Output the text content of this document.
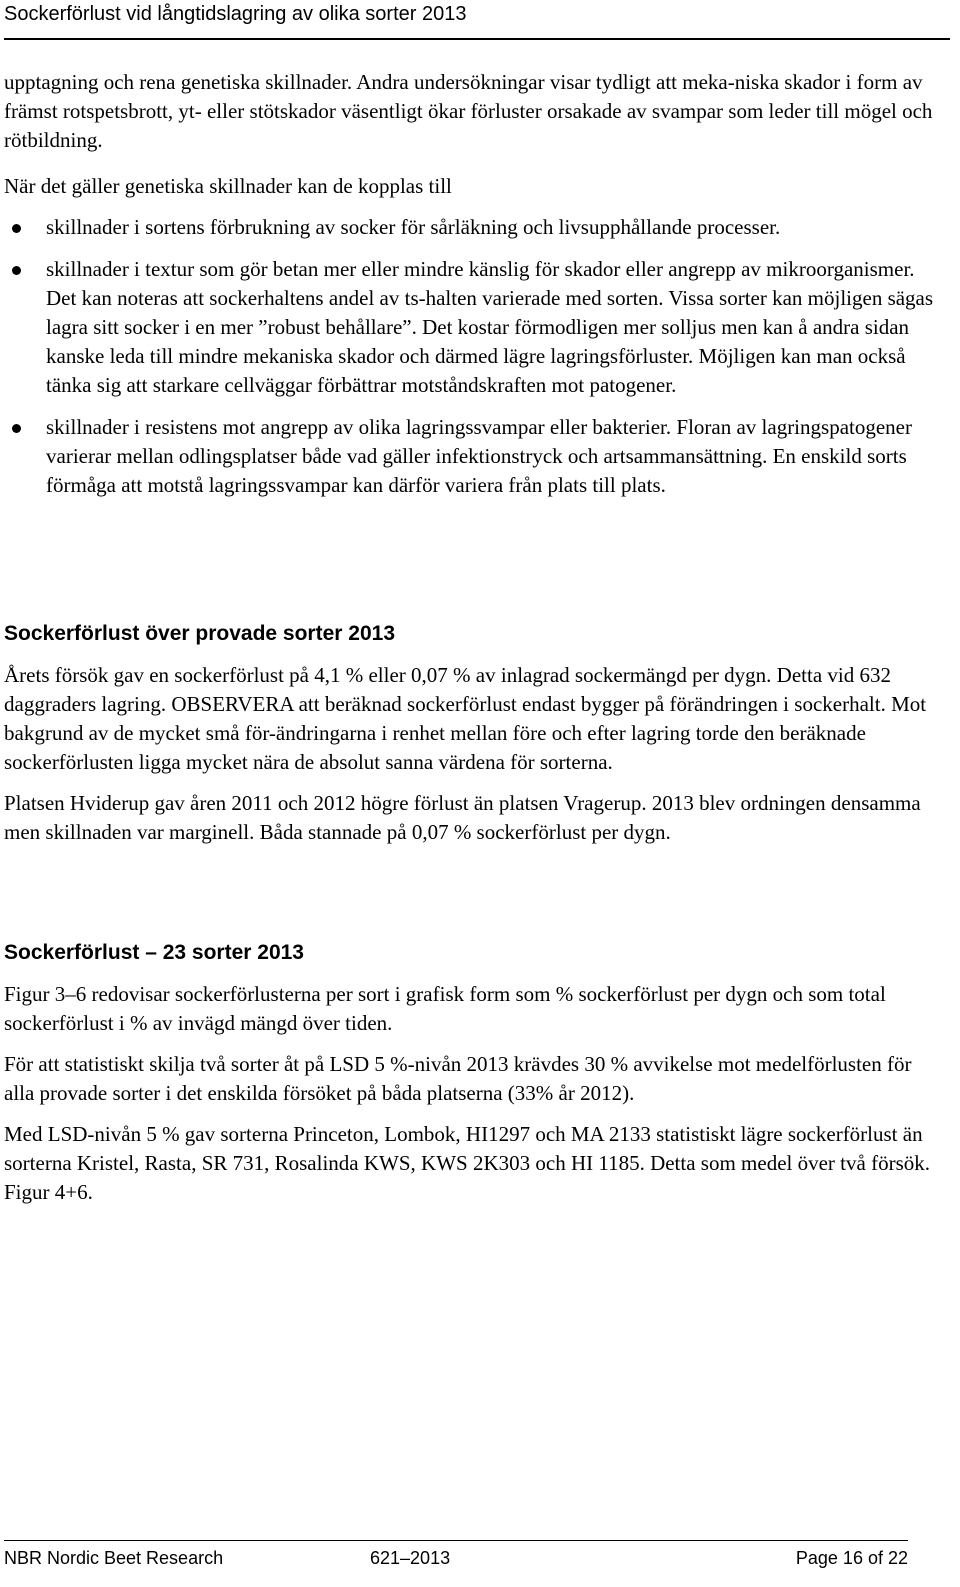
Sockerförlust vid långtidslagring av olika sorter 2013

upptagning och rena genetiska skillnader. Andra undersökningar visar tydligt att meka-niska skador i form av främst rotspetsbrott, yt- eller stötskador väsentligt ökar förluster orsakade av svampar som leder till mögel och rötbildning.

När det gäller genetiska skillnader kan de kopplas till

skillnader i sortens förbrukning av socker för sårläkning och livsupphållande processer.
skillnader i textur som gör betan mer eller mindre känslig för skador eller angrepp av mikroorganismer. Det kan noteras att sockerhaltens andel av ts-halten varierade med sorten. Vissa sorter kan möjligen sägas lagra sitt socker i en mer ”robust behållare”. Det kostar förmodligen mer solljus men kan å andra sidan kanske leda till mindre mekaniska skador och därmed lägre lagringsförluster. Möjligen kan man också tänka sig att starkare cellväggar förbättrar motståndskraften mot patogener.
skillnader i resistens mot angrepp av olika lagringssvampar eller bakterier. Floran av lagringspatogener varierar mellan odlingsplatser både vad gäller infektionstryck och artsammansättning. En enskild sorts förmåga att motstå lagringssvampar kan därför variera från plats till plats.
Sockerförlust över provade sorter 2013

Årets försök gav en sockerförlust på 4,1 % eller 0,07 % av inlagrad sockermängd per dygn. Detta vid 632 daggraders lagring. OBSERVERA att beräknad sockerförlust endast bygger på förändringen i sockerhalt. Mot bakgrund av de mycket små för-ändringarna i renhet mellan före och efter lagring torde den beräknade sockerförlusten ligga mycket nära de absolut sanna värdena för sorterna.

Platsen Hviderup gav åren 2011 och 2012 högre förlust än platsen Vragerup. 2013 blev ordningen densamma men skillnaden var marginell. Båda stannade på 0,07 % sockerförlust per dygn.

Sockerförlust – 23 sorter 2013

Figur 3–6 redovisar sockerförlusterna per sort i grafisk form som % sockerförlust per dygn och som total sockerförlust i % av invägd mängd över tiden.

För att statistiskt skilja två sorter åt på LSD 5 %-nivån 2013 krävdes 30 % avvikelse mot medelförlusten för alla provade sorter i det enskilda försöket på båda platserna (33% år 2012).

Med LSD-nivån 5 % gav sorterna Princeton, Lombok, HI1297 och MA 2133 statistiskt lägre sockerförlust än sorterna Kristel, Rasta, SR 731, Rosalinda KWS, KWS 2K303 och HI 1185. Detta som medel över två försök. Figur 4+6.

NBR Nordic Beet Research	621–2013	Page 16 of 22
